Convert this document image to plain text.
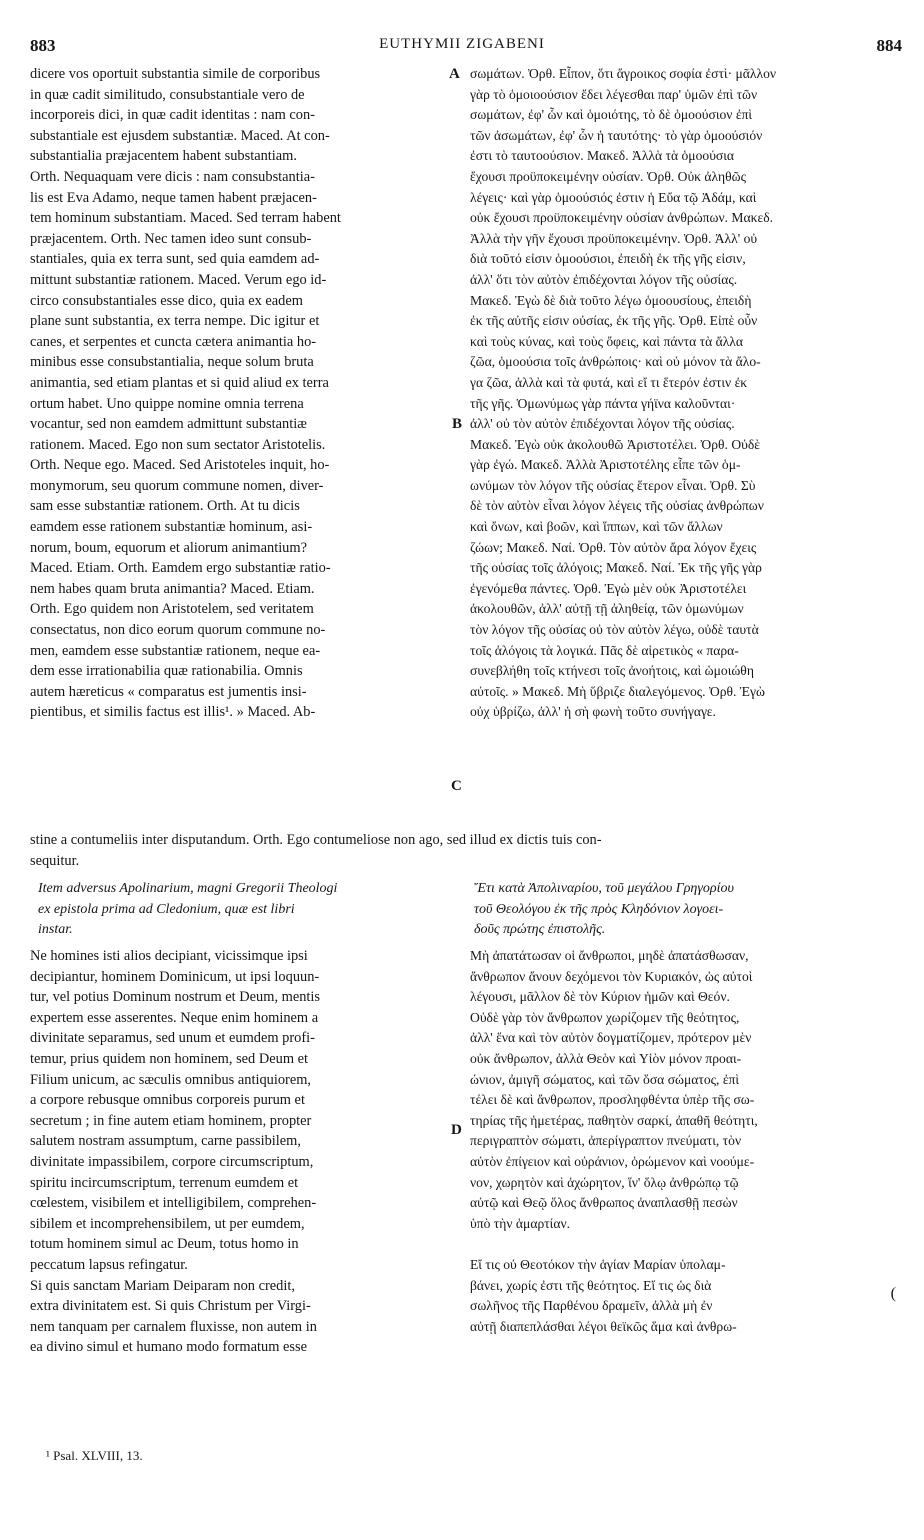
883	EUTHYMII ZIGABENI	884
dicere vos oportuit substantia simile de corporibus
in quæ cadit similitudo, consubstantiale vero de
incorporeis dici, in quæ cadit identitas : nam con-
substantiale est ejusdem substantiæ. Maced. At con-
substantialia præjacentem habent substantiam.
Orth. Nequaquam vere dicis : nam consubstantia-
lis est Eva Adamo, neque tamen habent præjacen-
tem hominum substantiam. Maced. Sed terram habent
præjacentem. Orth. Nec tamen ideo sunt consub-
stantiales, quia ex terra sunt, sed quia eamdem ad-
mittunt substantiæ rationem. Maced. Verum ego id-
circo consubstantiales esse dico, quia ex eadem
plane sunt substantia, ex terra nempe. Dic igitur et
canes, et serpentes et cuncta cætera animantia ho-
minibus esse consubstantialia, neque solum bruta
animantia, sed etiam plantas et si quid aliud ex terra
ortum habet. Uno quippe nomine omnia terrena
vocantur, sed non eamdem admittunt substantiæ
rationem. Maced. Ego non sum sectator Aristotelis.
Orth. Neque ego. Maced. Sed Aristoteles inquit, ho-
monymorum, seu quorum commune nomen, diver-
sam esse substantiæ rationem. Orth. At tu dicis
eamdem esse rationem substantiæ hominum, asi-
norum, boum, equorum et aliorum animantium?
Maced. Etiam. Orth. Eamdem ergo substantiæ ratio-
nem habes quam bruta animantia? Maced. Etiam.
Orth. Ego quidem non Aristotelem, sed veritatem
consectatus, non dico eorum quorum commune no-
men, eamdem esse substantiæ rationem, neque ea-
dem esse irrationabilia quæ rationabilia. Omnis
autem hæreticus « comparatus est jumentis insi-
pientibus, et similis factus est illis¹. » Maced. Ab-
σωμάτων. Ὀρθ. Εἶπον, ὅτι ἄγροικος σοφία ἐστὶ· μᾶλλον
γὰρ τὸ ὁμοιοούσιον ἔδει λέγεσθαι παρ' ὑμῶν ἐπὶ τῶν
σωμάτων, ἐφ' ὧν καὶ ὁμοιότης, τὸ δὲ ὁμοούσιον ἐπὶ
τῶν ἀσωμάτων, ἐφ' ὧν ἡ ταυτότης· τὸ γὰρ ὁμοούσιόν
ἐστι τὸ ταυτοούσιον. Μακεδ. Ἀλλὰ τὰ ὁμοούσια
ἔχουσι προϋποκειμένην οὐσίαν. Ὀρθ. Οὐκ ἀληθῶς
λέγεις· καὶ γὰρ ὁμοούσιός ἐστιν ἡ Εὔα τῷ Ἀδάμ, καὶ
οὐκ ἔχουσι προϋποκειμένην οὐσίαν ἀνθρώπων. Μακεδ.
Ἀλλὰ τὴν γῆν ἔχουσι προϋποκειμένην. Ὀρθ. Ἀλλ' οὐ
διὰ τοῦτό εἰσιν ὁμοούσιοι, ἐπειδὴ ἐκ τῆς γῆς εἰσιν,
ἀλλ' ὅτι τὸν αὐτὸν ἐπιδέχονται λόγον τῆς οὐσίας.
Μακεδ. Ἐγὼ δὲ διὰ τοῦτο λέγω ὁμοουσίους, ἐπειδὴ
ἐκ τῆς αὐτῆς εἰσιν οὐσίας, ἐκ τῆς γῆς. Ὀρθ. Εἰπὲ οὖν
καὶ τοὺς κύνας, καὶ τοὺς ὄφεις, καὶ πάντα τὰ ἄλλα
ζῶα, ὁμοούσια τοῖς ἀνθρώποις· καὶ οὐ μόνον τὰ ἄλο-
γα ζῶα, ἀλλὰ καὶ τὰ φυτά, καὶ εἴ τι ἕτερόν ἐστιν ἐκ
τῆς γῆς. Ὁμωνύμως γὰρ πάντα γήϊνα καλοῦνται·
ἀλλ' οὐ τὸν αὐτὸν ἐπιδέχονται λόγον τῆς οὐσίας.
Μακεδ. Ἐγὼ οὐκ ἀκολουθῶ Ἀριστοτέλει. Ὀρθ. Οὐδὲ
γὰρ ἐγώ. Μακεδ. Ἀλλὰ Ἀριστοτέλης εἶπε τῶν ὁμ-
ωνύμων τὸν λόγον τῆς οὐσίας ἕτερον εἶναι. Ὀρθ. Σὺ
δὲ τὸν αὐτὸν εἶναι λόγον λέγεις τῆς οὐσίας ἀνθρώπων
καὶ ὄνων, καὶ βοῶν, καὶ ἵππων, καὶ τῶν ἄλλων
ζώων; Μακεδ. Ναί. Ὀρθ. Τὸν αὐτὸν ἄρα λόγον ἔχεις
τῆς οὐσίας τοῖς ἀλόγοις; Μακεδ. Ναί. Ἐκ τῆς γῆς γὰρ
ἐγενόμεθα πάντες. Ὀρθ. Ἐγὼ μὲν οὐκ Ἀριστοτέλει
ἀκολουθῶν, ἀλλ' αὐτῇ τῇ ἀληθείᾳ, τῶν ὁμωνύμων
τὸν λόγον τῆς οὐσίας οὐ τὸν αὐτὸν λέγω, οὐδὲ ταυτὰ
τοῖς ἀλόγοις τὰ λογικά. Πᾶς δὲ αἱρετικὸς « παρα-
συνεβλήθη τοῖς κτήνεσι τοῖς ἀνοήτοις, καὶ ὡμοιώθη
αὐτοῖς. » Μακεδ. Μὴ ὕβριζε διαλεγόμενος. Ὀρθ. Ἐγὼ
οὐχ ὑβρίζω, ἀλλ' ἡ σὴ φωνὴ τοῦτο συνήγαγε.
stine a contumeliis inter disputandum. Orth. Ego contumeliose non ago, sed illud ex dictis tuis con-
sequitur.
A
B
C
D
Item adversus Apolinarium, magni Gregorii Theologi
ex epistola prima ad Cledonium, quæ est libri
instar.
Ἔτι κατὰ Ἀπολιναρίου, τοῦ μεγάλου Γρηγορίου
τοῦ Θεολόγου ἐκ τῆς πρὸς Κληδόνιον λογοει-
δοῦς πρώτης ἐπιστολῆς.
Ne homines isti alios decipiant, vicissimque ipsi
decipiantur, hominem Dominicum, ut ipsi loquun-
tur, vel potius Dominum nostrum et Deum, mentis
expertem esse asserentes. Neque enim hominem a
divinitate separamus, sed unum et eumdem profi-
temur, prius quidem non hominem, sed Deum et
Filium unicum, ac sæculis omnibus antiquiorem,
a corpore rebusque omnibus corporeis purum et
secretum ; in fine autem etiam hominem, propter
salutem nostram assumptum, carne passibilem,
divinitate impassibilem, corpore circumscriptum,
spiritu incircumscriptum, terrenum eumdem et
cœlestem, visibilem et intelligibilem, comprehen-
sibilem et incomprehensibilem, ut per eumdem,
totum hominem simul ac Deum, totus homo in
peccatum lapsus refingatur.
Si quis sanctam Mariam Deiparam non credit,
extra divinitatem est. Si quis Christum per Virgi-
nem tanquam per carnalem fluxisse, non autem in
ea divino simul et humano modo formatum esse
Μὴ ἀπατάτωσαν οἱ ἄνθρωποι, μηδὲ ἀπατάσθωσαν,
ἄνθρωπον ἄνουν δεχόμενοι τὸν Κυριακόν, ὡς αὐτοὶ
λέγουσι, μᾶλλον δὲ τὸν Κύριον ἡμῶν καὶ Θεόν.
Οὐδὲ γὰρ τὸν ἄνθρωπον χωρίζομεν τῆς θεότητος,
ἀλλ' ἕνα καὶ τὸν αὐτὸν δογματίζομεν, πρότερον μὲν
οὐκ ἄνθρωπον, ἀλλὰ Θεὸν καὶ Υἱὸν μόνον προαι-
ώνιον, ἀμιγῆ σώματος, καὶ τῶν ὅσα σώματος, ἐπὶ
τέλει δὲ καὶ ἄνθρωπον, προσληφθέντα ὑπὲρ τῆς σω-
τηρίας τῆς ἡμετέρας, παθητὸν σαρκί, ἀπαθῆ θεότητι,
περιγραπτὸν σώματι, ἀπερίγραπτον πνεύματι, τὸν
αὐτὸν ἐπίγειον καὶ οὐράνιον, ὁρώμενον καὶ νοούμε-
νον, χωρητὸν καὶ ἀχώρητον, ἵν' ὅλῳ ἀνθρώπῳ τῷ
αὐτῷ καὶ Θεῷ ὅλος ἄνθρωπος ἀναπλασθῇ πεσὼν
ὑπὸ τὴν ἁμαρτίαν.
Εἴ τις οὐ Θεοτόκον τὴν ἁγίαν Μαρίαν ὑπολαμ-
βάνει, χωρίς ἐστι τῆς θεότητος. Εἴ τις ὡς διὰ
σωλῆνος τῆς Παρθένου δραμεῖν, ἀλλὰ μὴ ἐν
αὐτῇ διαπεπλάσθαι λέγοι θεϊκῶς ἅμα καὶ ἀνθρω-
(
¹ Psal. XLVIII, 13.
